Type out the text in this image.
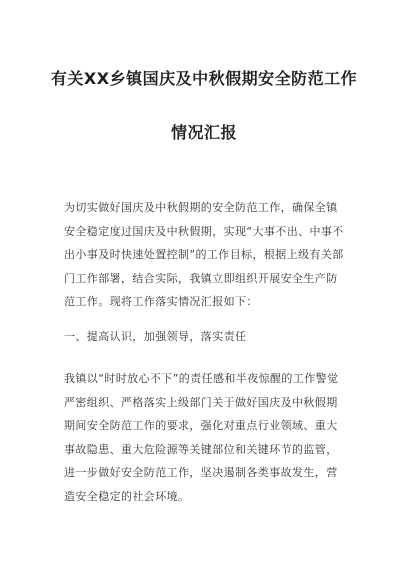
有关XX乡镇国庆及中秋假期安全防范工作
情况汇报
为切实做好国庆及中秋假期的安全防范工作，确保全镇安全稳定度过国庆及中秋假期，实现“大事不出、中事不出小事及时快速处置控制”的工作目标，根据上级有关部门工作部署，结合实际，我镇立即组织开展安全生产防范工作。现将工作落实情况汇报如下：
一、提高认识，加强领导，落实责任
我镇以“时时放心不下”的责任感和半夜惊醒的工作警觉严密组织、严格落实上级部门关于做好国庆及中秋假期期间安全防范工作的要求，强化对重点行业领域、重大事故隐患、重大危险源等关键部位和关键环节的监管，进一步做好安全防范工作，坚决遏制各类事故发生，营造安全稳定的社会环境。
